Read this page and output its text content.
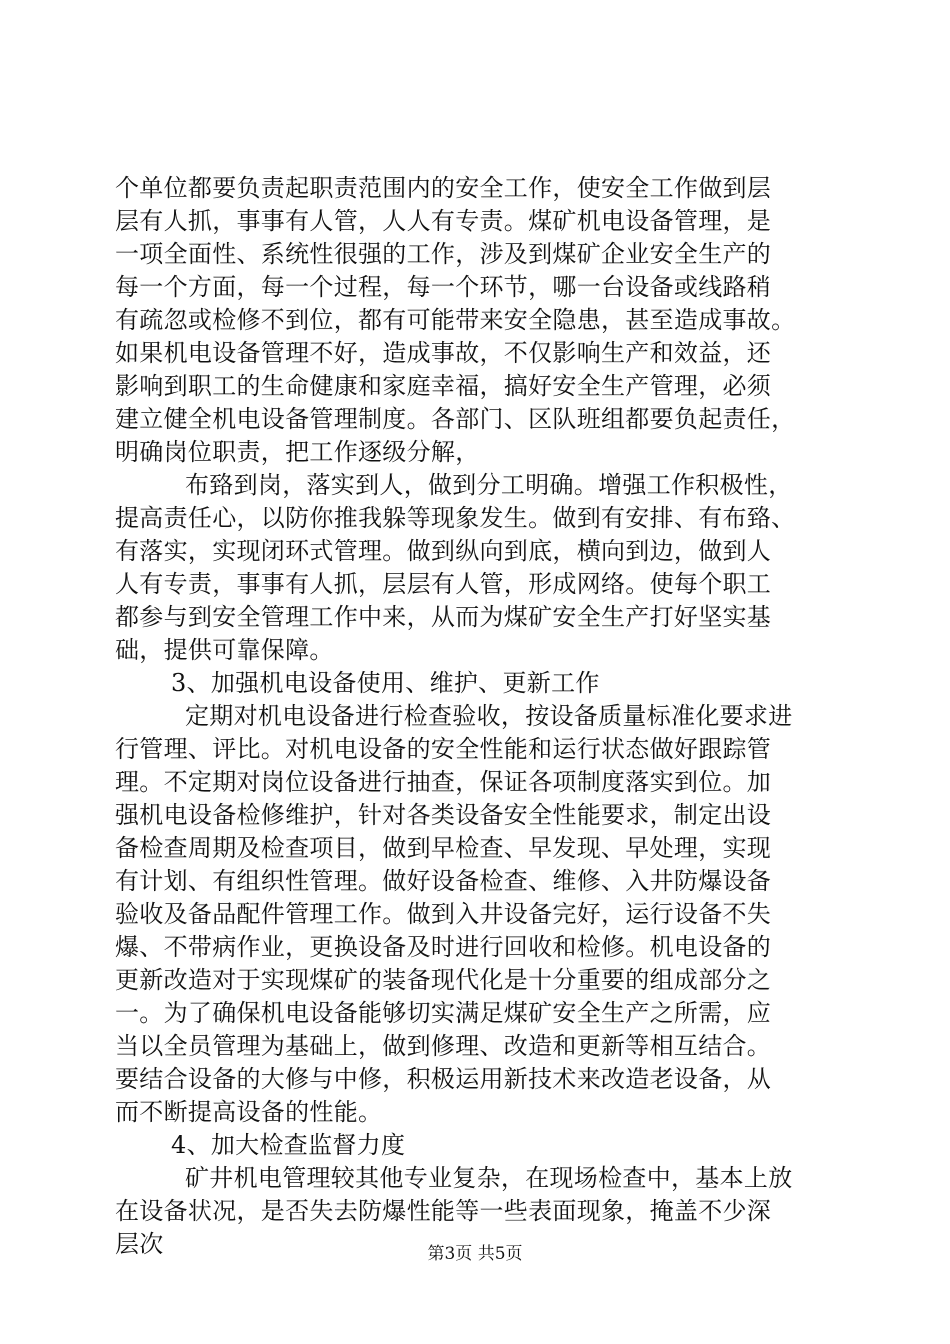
个单位都要负责起职责范围内的安全工作，使安全工作做到层
层有人抓，事事有人管，人人有专责。煤矿机电设备管理，是
一项全面性、系统性很强的工作，涉及到煤矿企业安全生产的
每一个方面，每一个过程，每一个环节，哪一台设备或线路稍
有疏忽或检修不到位，都有可能带来安全隐患，甚至造成事故。
如果机电设备管理不好，造成事故，不仅影响生产和效益，还
影响到职工的生命健康和家庭幸福，搞好安全生产管理，必须
建立健全机电设备管理制度。各部门、区队班组都要负起责任，
明确岗位职责，把工作逐级分解，
布臵到岗，落实到人，做到分工明确。增强工作积极性，
提高责任心，以防你推我躲等现象发生。做到有安排、有布臵、
有落实，实现闭环式管理。做到纵向到底，横向到边，做到人
人有专责，事事有人抓，层层有人管，形成网络。使每个职工
都参与到安全管理工作中来，从而为煤矿安全生产打好坚实基
础，提供可靠保障。
3、加强机电设备使用、维护、更新工作
定期对机电设备进行检查验收，按设备质量标准化要求进
行管理、评比。对机电设备的安全性能和运行状态做好跟踪管
理。不定期对岗位设备进行抽查，保证各项制度落实到位。加
强机电设备检修维护，针对各类设备安全性能要求，制定出设
备检查周期及检查项目，做到早检查、早发现、早处理，实现
有计划、有组织性管理。做好设备检查、维修、入井防爆设备
验收及备品配件管理工作。做到入井设备完好，运行设备不失
爆、不带病作业，更换设备及时进行回收和检修。机电设备的
更新改造对于实现煤矿的装备现代化是十分重要的组成部分之
一。为了确保机电设备能够切实满足煤矿安全生产之所需，应
当以全员管理为基础上，做到修理、改造和更新等相互结合。
要结合设备的大修与中修，积极运用新技术来改造老设备，从
而不断提高设备的性能。
4、加大检查监督力度
矿井机电管理较其他专业复杂，在现场检查中，基本上放
在设备状况，是否失去防爆性能等一些表面现象，掩盖不少深
层次	第3页 共5页
